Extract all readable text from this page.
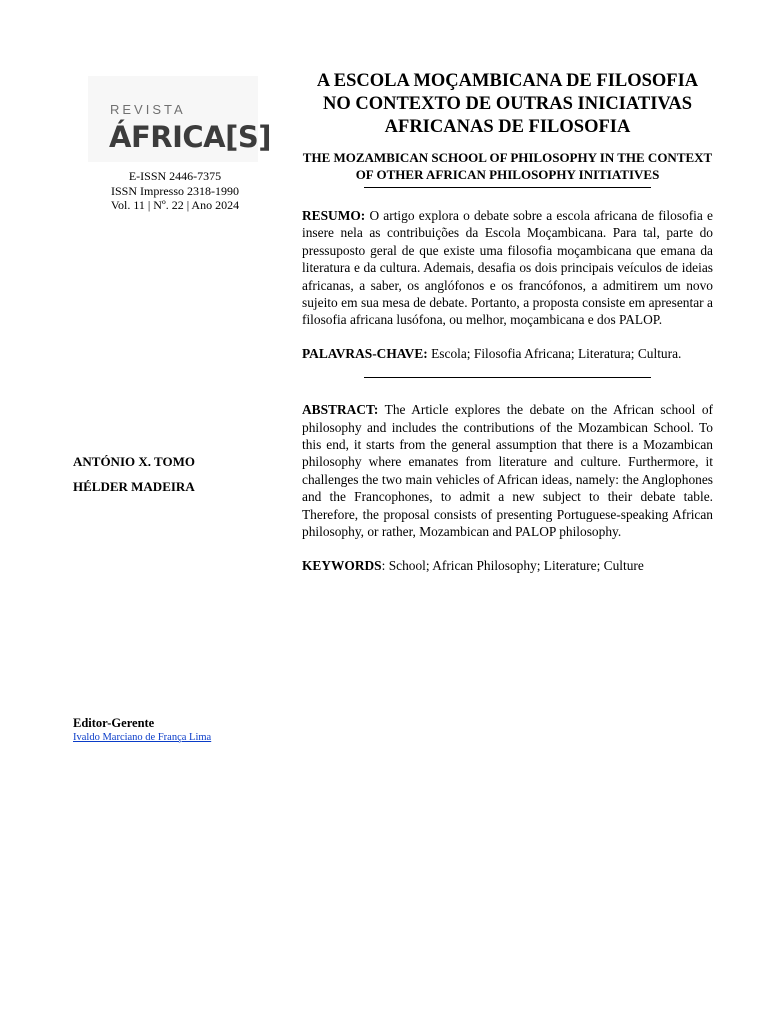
REVISTA
ÁFRICA[S]
E-ISSN 2446-7375
ISSN Impresso 2318-1990
Vol. 11 | Nº. 22 | Ano 2024
ANTÓNIO X. TOMO
HÉLDER MADEIRA
Editor-Gerente
Ivaldo Marciano de França Lima
A ESCOLA MOÇAMBICANA DE FILOSOFIA NO CONTEXTO DE OUTRAS INICIATIVAS AFRICANAS DE FILOSOFIA
THE MOZAMBICAN SCHOOL OF PHILOSOPHY IN THE CONTEXT OF OTHER AFRICAN PHILOSOPHY INITIATIVES
RESUMO: O artigo explora o debate sobre a escola africana de filosofia e insere nela as contribuições da Escola Moçambicana. Para tal, parte do pressuposto geral de que existe uma filosofia moçambicana que emana da literatura e da cultura. Ademais, desafia os dois principais veículos de ideias africanas, a saber, os anglófonos e os francófonos, a admitirem um novo sujeito em sua mesa de debate. Portanto, a proposta consiste em apresentar a filosofia africana lusófona, ou melhor, moçambicana e dos PALOP.
PALAVRAS-CHAVE: Escola; Filosofia Africana; Literatura; Cultura.
ABSTRACT: The Article explores the debate on the African school of philosophy and includes the contributions of the Mozambican School. To this end, it starts from the general assumption that there is a Mozambican philosophy where emanates from literature and culture. Furthermore, it challenges the two main vehicles of African ideas, namely: the Anglophones and the Francophones, to admit a new subject to their debate table. Therefore, the proposal consists of presenting Portuguese-speaking African philosophy, or rather, Mozambican and PALOP philosophy.
KEYWORDS: School; African Philosophy; Literature; Culture
